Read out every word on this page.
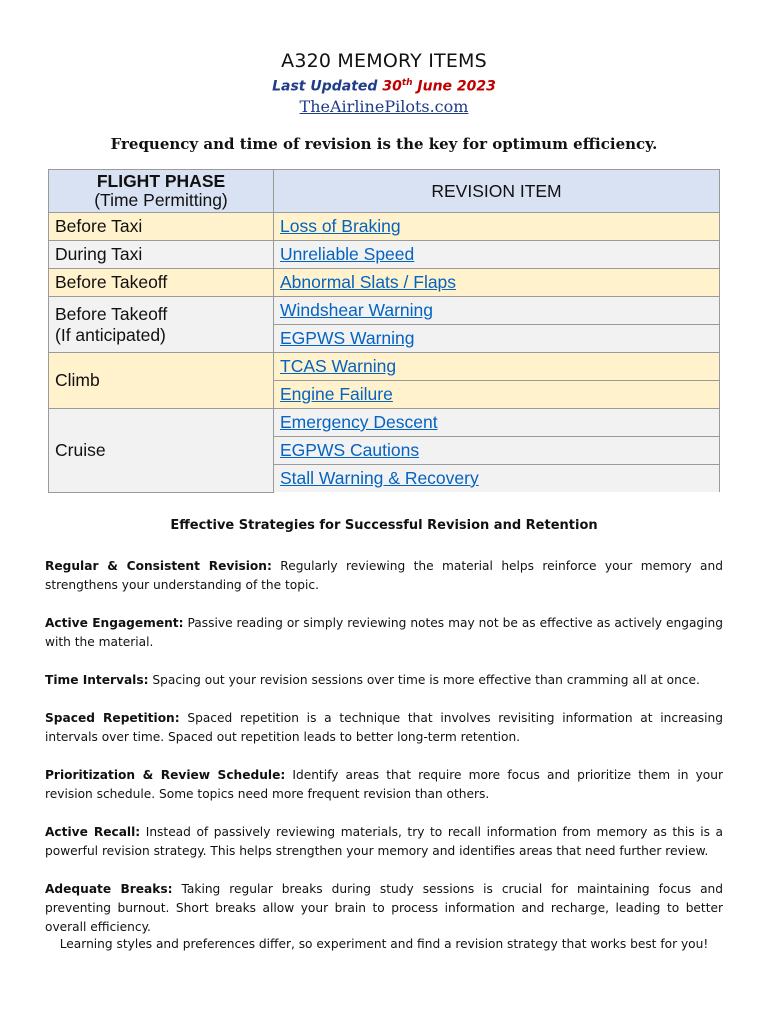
A320 MEMORY ITEMS
Last Updated 30th June 2023
TheAirlinePilots.com
Frequency and time of revision is the key for optimum efficiency.
FLIGHT PHASE
(Time Permitting)	REVISION ITEM
Before Taxi	Loss of Braking
During Taxi	Unreliable Speed
Before Takeoff	Abnormal Slats / Flaps
Before Takeoff
(If anticipated)	Windshear Warning
	EGPWS Warning
Climb	TCAS Warning
	Engine Failure
Cruise	Emergency Descent
	EGPWS Cautions
	Stall Warning & Recovery
Effective Strategies for Successful Revision and Retention

Regular & Consistent Revision: Regularly reviewing the material helps reinforce your memory and strengthens your understanding of the topic.

Active Engagement: Passive reading or simply reviewing notes may not be as effective as actively engaging with the material.

Time Intervals: Spacing out your revision sessions over time is more effective than cramming all at once.

Spaced Repetition: Spaced repetition is a technique that involves revisiting information at increasing intervals over time. Spaced out repetition leads to better long-term retention.

Prioritization & Review Schedule: Identify areas that require more focus and prioritize them in your revision schedule. Some topics need more frequent revision than others.

Active Recall: Instead of passively reviewing materials, try to recall information from memory as this is a powerful revision strategy. This helps strengthen your memory and identifies areas that need further review.

Adequate Breaks: Taking regular breaks during study sessions is crucial for maintaining focus and preventing burnout. Short breaks allow your brain to process information and recharge, leading to better overall efficiency.

Learning styles and preferences differ, so experiment and find a revision strategy that works best for you!
